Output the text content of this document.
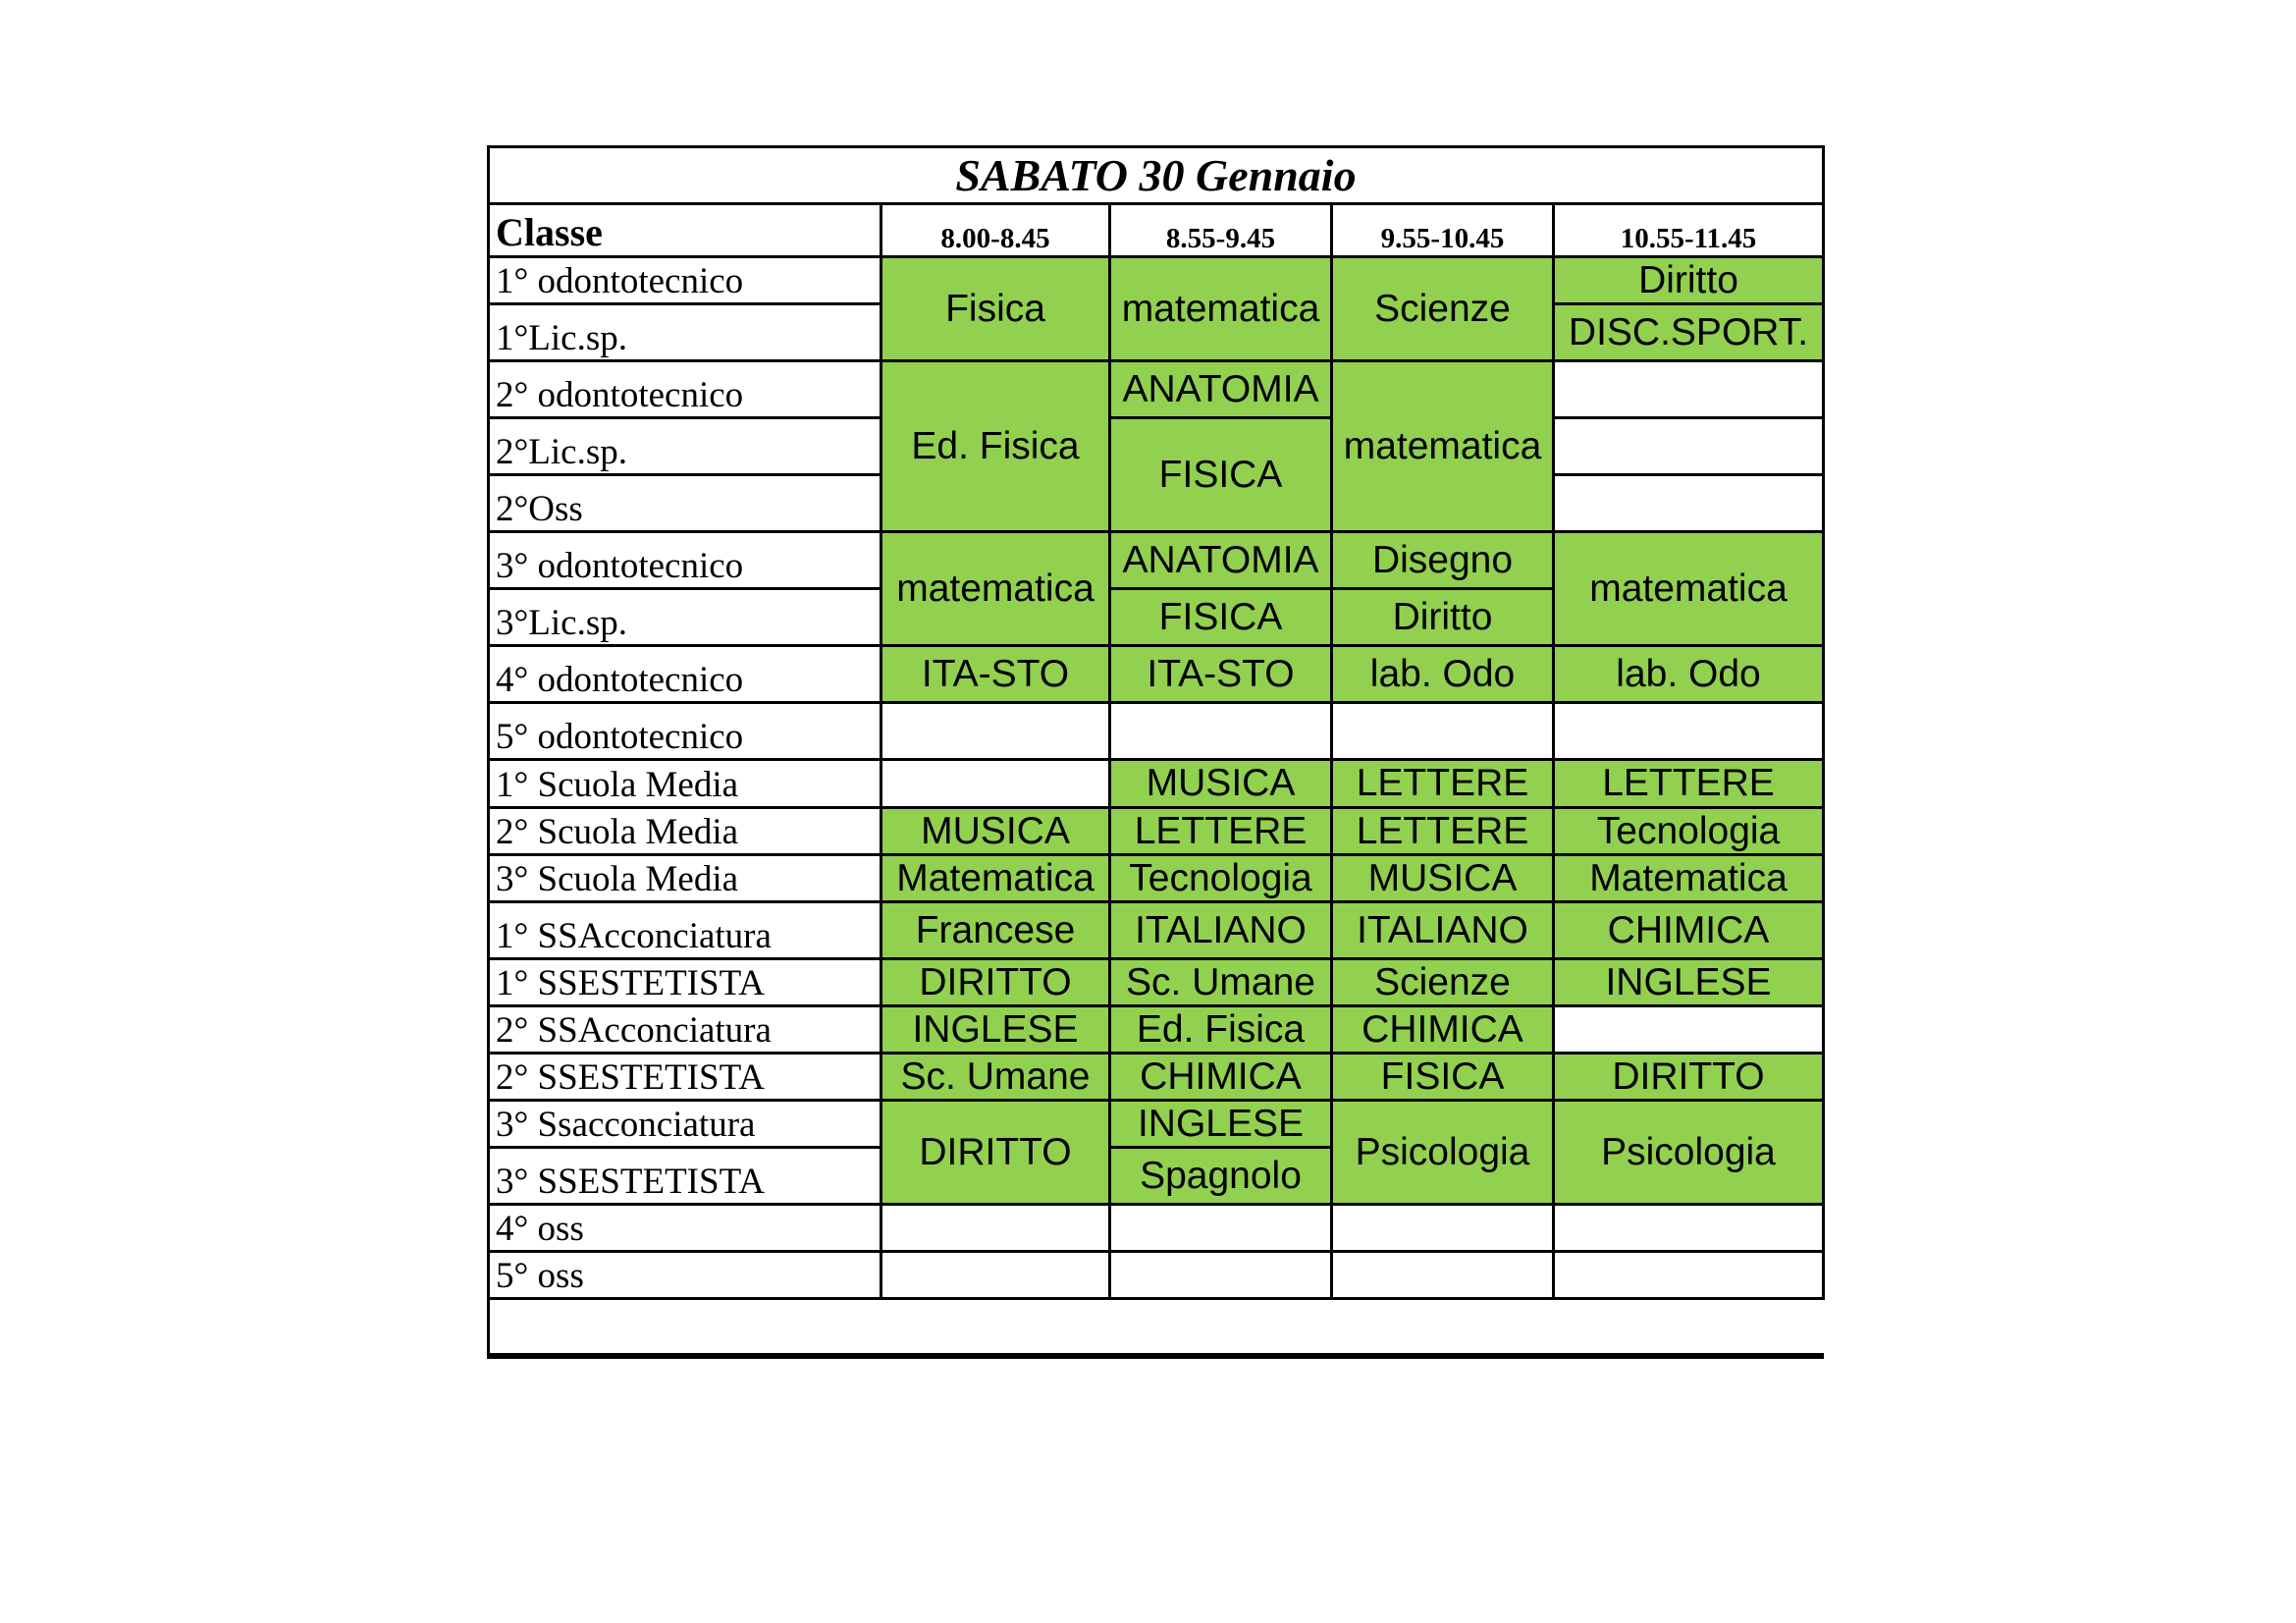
SABATO 30 Gennaio				
Classe	8.00-8.45	8.55-9.45	9.55-10.45	10.55-11.45
1° odontotecnico	Fisica	matematica	Scienze	Diritto
1°Lic.sp.				DISC.SPORT.
2° odontotecnico	Ed. Fisica	ANATOMIA	matematica	
2°Lic.sp.		FISICA		
2°Oss				
3° odontotecnico	matematica	ANATOMIA	Disegno	matematica
3°Lic.sp.		FISICA	Diritto	
4° odontotecnico	ITA-STO	ITA-STO	lab. Odo	lab. Odo
5° odontotecnico				
1° Scuola Media		MUSICA	LETTERE	LETTERE
2° Scuola Media	MUSICA	LETTERE	LETTERE	Tecnologia
3° Scuola Media	Matematica	Tecnologia	MUSICA	Matematica
1° SSAcconciatura	Francese	ITALIANO	ITALIANO	CHIMICA
1° SSESTETISTA	DIRITTO	Sc. Umane	Scienze	INGLESE
2° SSAcconciatura	INGLESE	Ed. Fisica	CHIMICA	
2° SSESTETISTA	Sc. Umane	CHIMICA	FISICA	DIRITTO
3° Ssacconciatura	DIRITTO	INGLESE	Psicologia	Psicologia
3° SSESTETISTA		Spagnolo		
4° oss				
5° oss				
